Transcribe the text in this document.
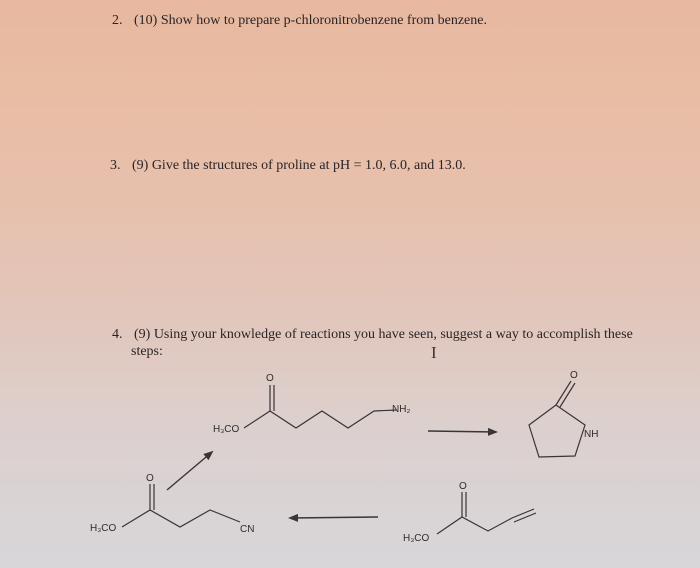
2. (10) Show how to prepare p-chloronitrobenzene from benzene.
3. (9) Give the structures of proline at pH = 1.0, 6.0, and 13.0.
4. (9) Using your knowledge of reactions you have seen, suggest a way to accomplish these
steps:	I
H₃CO
O
NH₂
O
NH
H₃CO
O
CN
H₃CO
O
